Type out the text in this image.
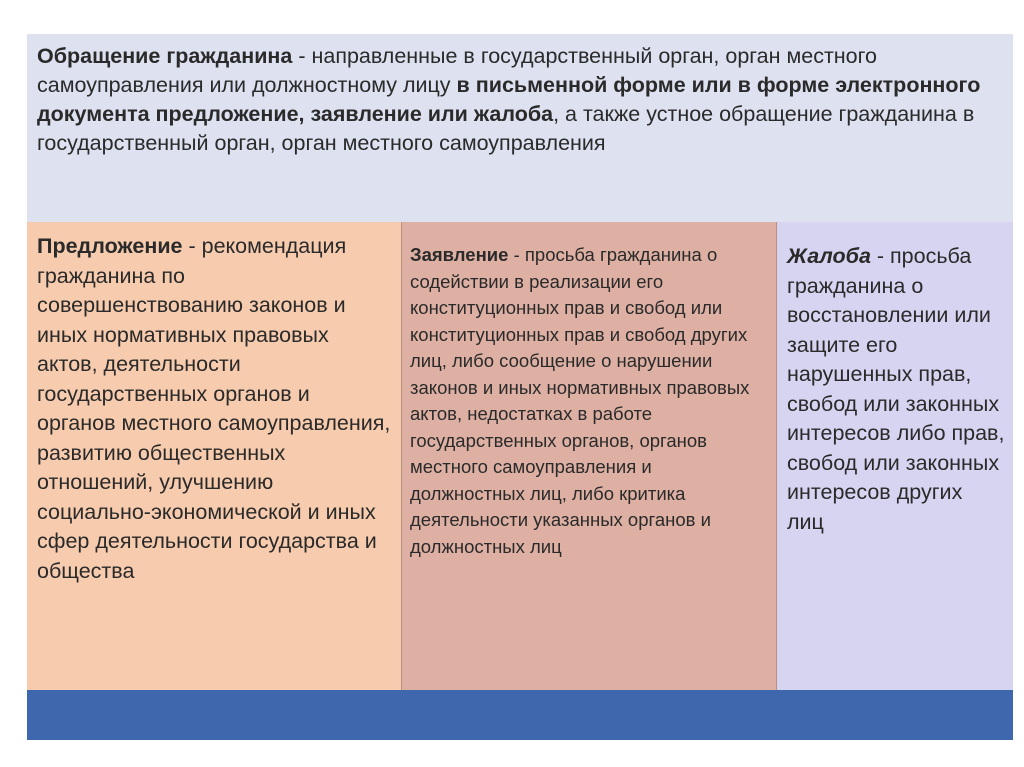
Обращение гражданина - направленные в государственный орган, орган местного самоуправления или должностному лицу в письменной форме или в форме электронного документа предложение, заявление или жалоба, а также устное обращение гражданина в государственный орган, орган местного самоуправления
Предложение - рекомендация гражданина по совершенствованию законов и иных нормативных правовых актов, деятельности государственных органов и органов местного самоуправления, развитию общественных отношений, улучшению социально-экономической и иных сфер деятельности государства и общества
Заявление - просьба гражданина о содействии в реализации его конституционных прав и свобод или конституционных прав и свобод других лиц, либо сообщение о нарушении законов и иных нормативных правовых актов, недостатках в работе государственных органов, органов местного самоуправления и должностных лиц, либо критика деятельности указанных органов и должностных лиц
Жалоба - просьба гражданина о восстановлении или защите его нарушенных прав, свобод или законных интересов либо прав, свобод или законных интересов других лиц
